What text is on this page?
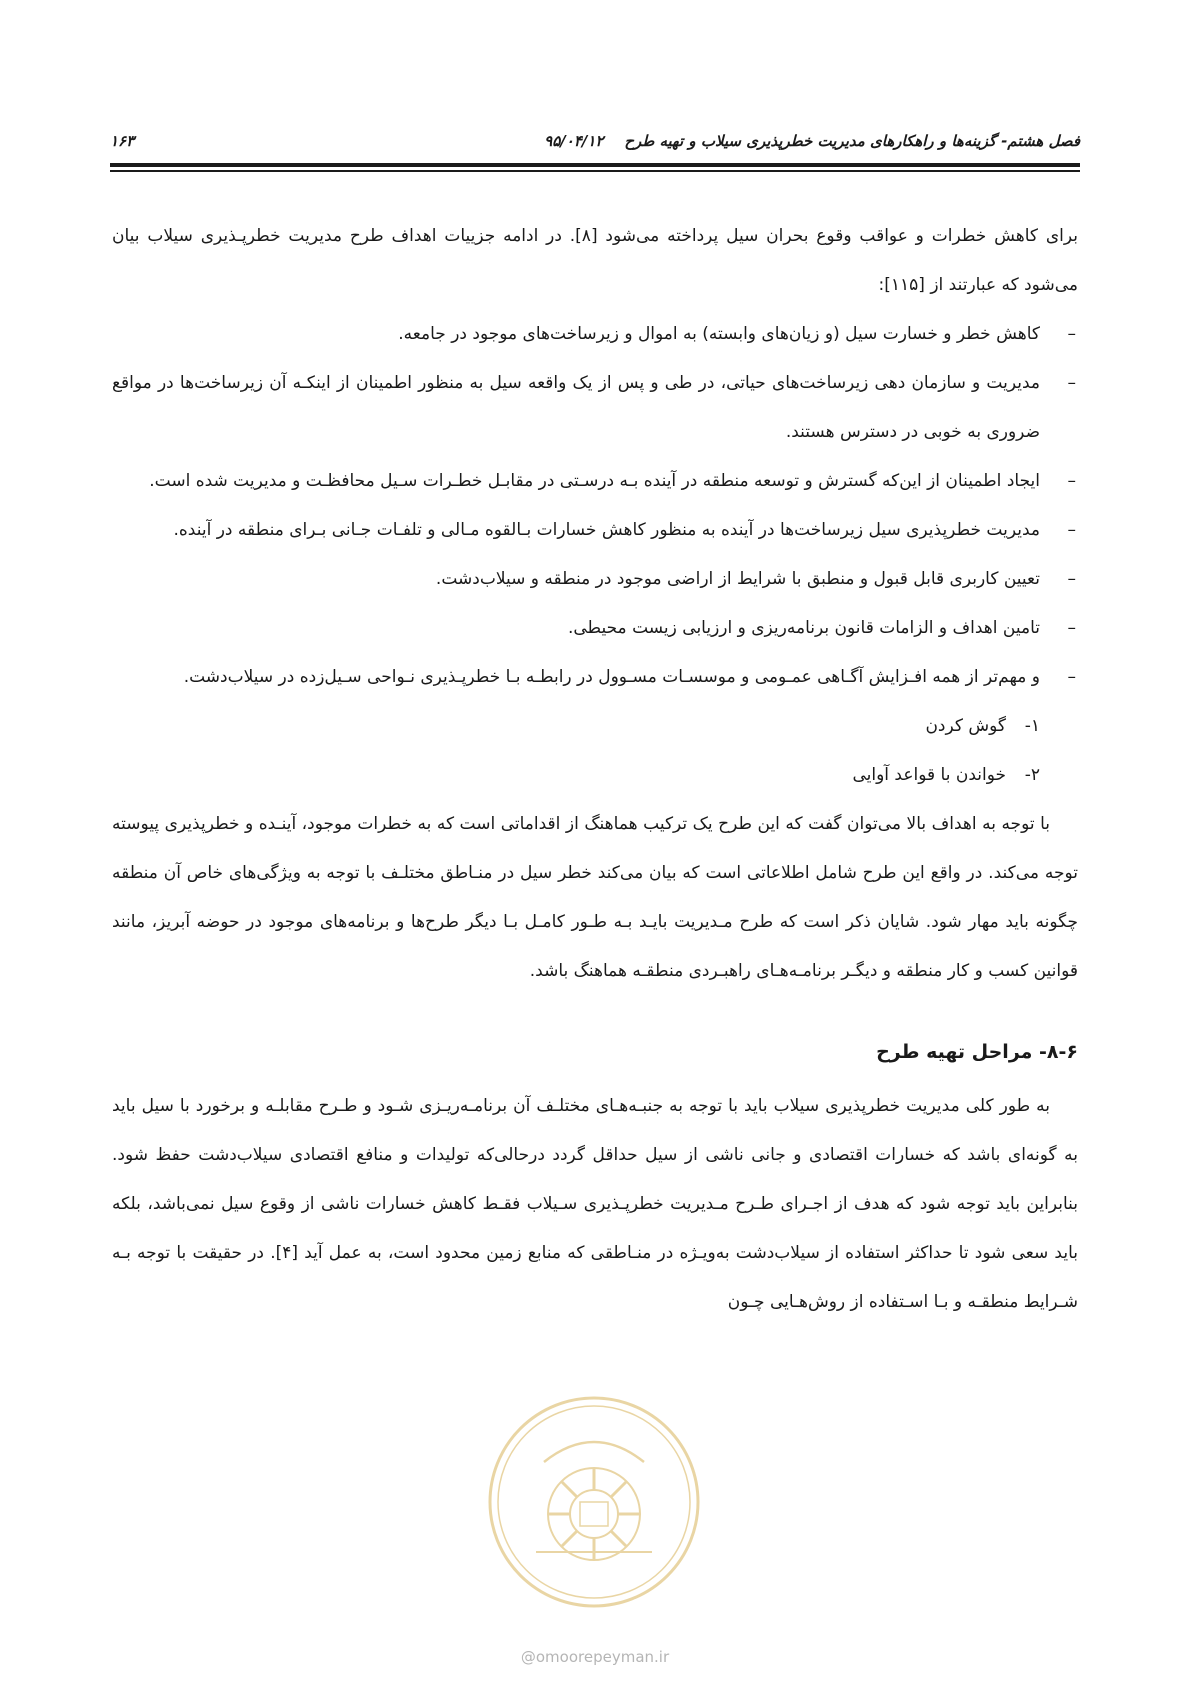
فصل هشتم- گزینه‌ها و راهکارهای مدیریت خطرپذیری سیلاب و تهیه طرح    ۹۵/۰۴/۱۲
۱۶۳

برای کاهش خطرات و عواقب وقوع بحران سیل پرداخته می‌شود [۸]. در ادامه جزییات اهداف طرح مدیریت خطرپـذیری سیلاب بیان می‌شود که عبارتند از [۱۱۵]:

–
کاهش خطر و خسارت سیل (و زیان‌های وابسته) به اموال و زیرساخت‌های موجود در جامعه.
–
مدیریت و سازمان دهی زیرساخت‌های حیاتی، در طی و پس از یک واقعه سیل به منظور اطمینان از اینکـه آن زیرساخت‌ها در مواقع ضروری به خوبی در دسترس هستند.
–
ایجاد اطمینان از این‌که گسترش و توسعه منطقه در آینده بـه درسـتی در مقابـل خطـرات سـیل محافظـت و مدیریت شده است.
–
مدیریت خطرپذیری سیل زیرساخت‌ها در آینده به منظور کاهش خسارات بـالقوه مـالی و تلفـات جـانی بـرای منطقه در آینده.
–
تعیین کاربری قابل قبول و منطبق با شرایط از اراضی موجود در منطقه و سیلاب‌دشت.
–
تامین اهداف و الزامات قانون برنامه‌ریزی و ارزیابی زیست محیطی.
–
و مهم‌تر از همه افـزایش آگـاهی عمـومی و موسسـات مسـوول در رابطـه بـا خطرپـذیری نـواحی سـیل‌زده در سیلاب‌دشت.
۱-گوش کردن
۲-خواندن با قواعد آوایی

با توجه به اهداف بالا می‌توان گفت که این طرح یک ترکیب هماهنگ از اقداماتی است که به خطرات موجود، آینـده و خطرپذیری پیوسته توجه می‌کند. در واقع این طرح شامل اطلاعاتی است که بیان می‌کند خطر سیل در منـاطق مختلـف با توجه به ویژگی‌های خاص آن منطقه چگونه باید مهار شود. شایان ذکر است که طرح مـدیریت بایـد بـه طـور کامـل بـا دیگر طرح‌ها و برنامه‌های موجود در حوضه آبریز، مانند قوانین کسب و کار منطقه و دیگـر برنامـه‌هـای راهبـردی منطقـه هماهنگ باشد.

۸-۶- مراحل تهیه طرح

به طور کلی مدیریت خطرپذیری سیلاب باید با توجه به جنبـه‌هـای مختلـف آن برنامـه‌ریـزی شـود و طـرح مقابلـه و برخورد با سیل باید به گونه‌ای باشد که خسارات اقتصادی و جانی ناشی از سیل حداقل گردد درحالی‌که تولیدات و منافع اقتصادی سیلاب‌دشت حفظ شود. بنابراین باید توجه شود که هدف از اجـرای طـرح مـدیریت خطرپـذیری سـیلاب فقـط کاهش خسارات ناشی از وقوع سیل نمی‌باشد، بلکه باید سعی شود تا حداکثر استفاده از سیلاب‌دشت به‌ویـژه در منـاطقی که منابع زمین محدود است، به عمل آید [۴]. در حقیقت با توجه بـه شـرایط منطقـه و بـا اسـتفاده از روش‌هـایی چـون

@omoorepeyman.ir
